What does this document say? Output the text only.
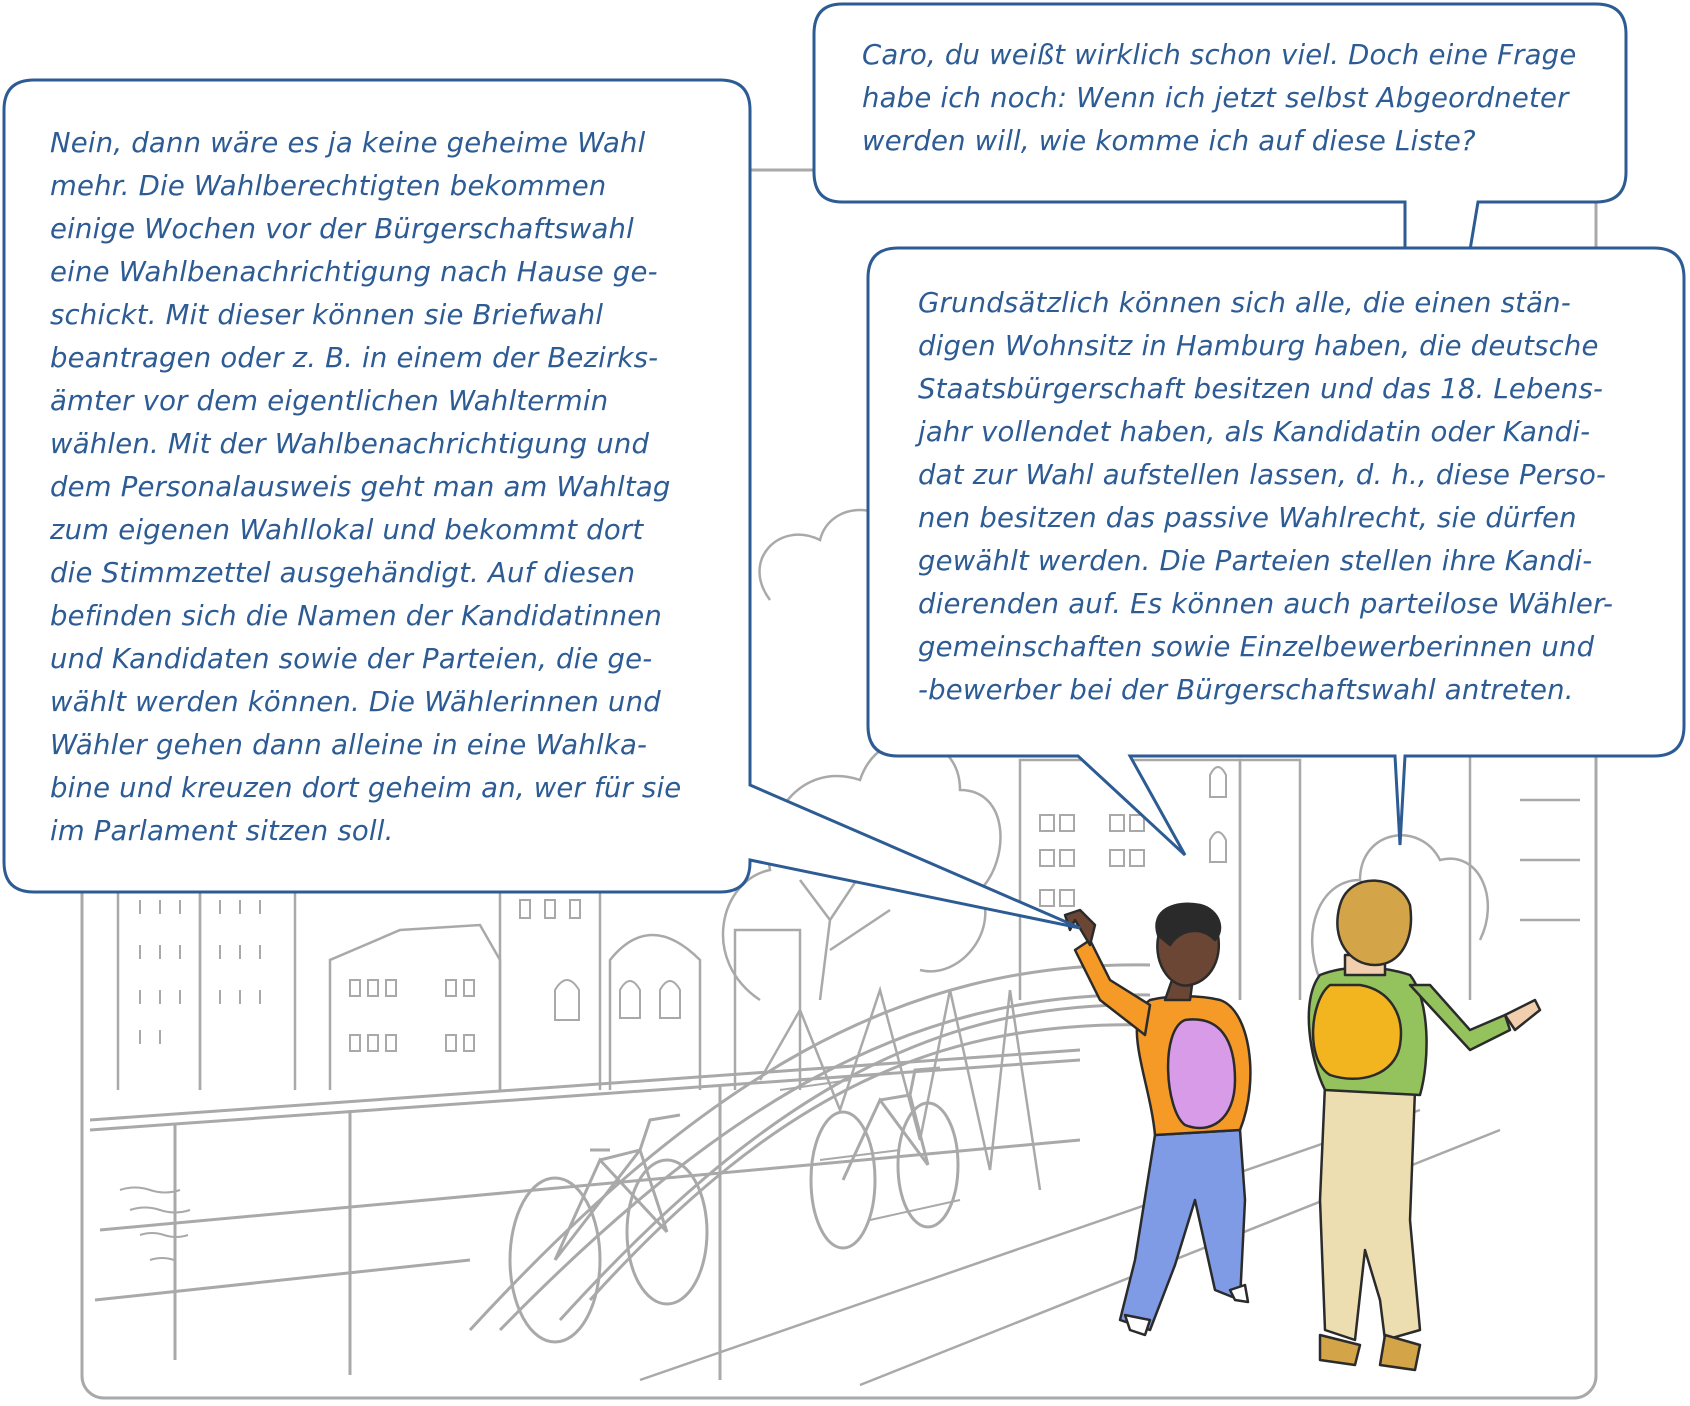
Nein, dann wäre es ja keine geheime Wahl
mehr. Die Wahlberechtigten bekommen
einige Wochen vor der Bürgerschaftswahl
eine Wahlbenachrichtigung nach Hause ge-
schickt. Mit dieser können sie Briefwahl
beantragen oder z. B. in einem der Bezirks-
ämter vor dem eigentlichen Wahltermin
wählen. Mit der Wahlbenachrichtigung und
dem Personalausweis geht man am Wahltag
zum eigenen Wahllokal und bekommt dort
die Stimmzettel ausgehändigt. Auf diesen
befinden sich die Namen der Kandidatinnen
und Kandidaten sowie der Parteien, die ge-
wählt werden können. Die Wählerinnen und
Wähler gehen dann alleine in eine Wahlka-
bine und kreuzen dort geheim an, wer für sie
im Parlament sitzen soll.

Caro, du weißt wirklich schon viel. Doch eine Frage
habe ich noch: Wenn ich jetzt selbst Abgeordneter
werden will, wie komme ich auf diese Liste?

Grundsätzlich können sich alle, die einen stän-
digen Wohnsitz in Hamburg haben, die deutsche
Staatsbürgerschaft besitzen und das 18. Lebens-
jahr vollendet haben, als Kandidatin oder Kandi-
dat zur Wahl aufstellen lassen, d. h., diese Perso-
nen besitzen das passive Wahlrecht, sie dürfen
gewählt werden. Die Parteien stellen ihre Kandi-
dierenden auf. Es können auch parteilose Wähler-
gemeinschaften sowie Einzelbewerberinnen und
-bewerber bei der Bürgerschaftswahl antreten.
